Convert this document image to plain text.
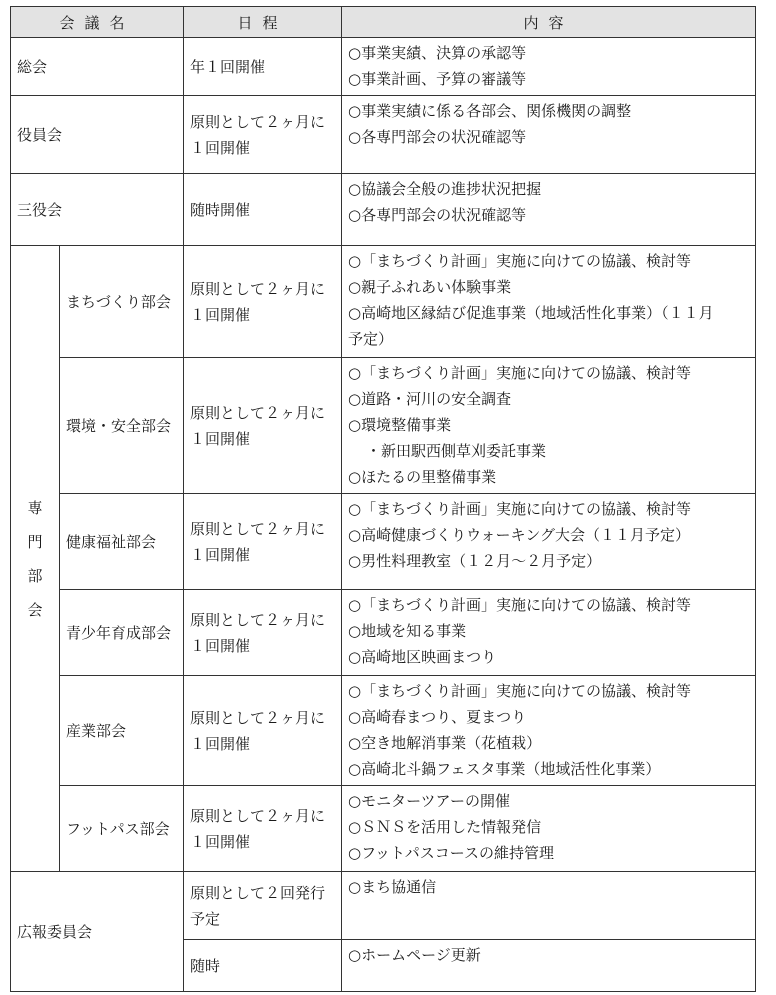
会議名		日程	内容
総会		年１回開催	○事業実績、決算の承認等
○事業計画、予算の審議等

役員会		原則として２ヶ月に１回開催	○事業実績に係る各部会、関係機関の調整
○各専門部会の状況確認等

三役会		随時開催	○協議会全般の進捗状況把握
○各専門部会の状況確認等

専門部会	まちづくり部会	原則として２ヶ月に１回開催	○「まちづくり計画」実施に向けての協議、検討等
○親子ふれあい体験事業
○高崎地区縁結び促進事業（地域活性化事業）（１１月
予定）

	環境・安全部会	原則として２ヶ月に１回開催	○「まちづくり計画」実施に向けての協議、検討等
○道路・河川の安全調査
○環境整備事業
・新田駅西側草刈委託事業
○ほたるの里整備事業

	健康福祉部会	原則として２ヶ月に１回開催	○「まちづくり計画」実施に向けての協議、検討等
○高崎健康づくりウォーキング大会（１１月予定）
○男性料理教室（１２月～２月予定）

	青少年育成部会	原則として２ヶ月に１回開催	○「まちづくり計画」実施に向けての協議、検討等
○地域を知る事業
○高崎地区映画まつり

	産業部会	原則として２ヶ月に１回開催	○「まちづくり計画」実施に向けての協議、検討等
○高崎春まつり、夏まつり
○空き地解消事業（花植栽）
○高崎北斗鍋フェスタ事業（地域活性化事業）

	フットパス部会	原則として２ヶ月に１回開催	○モニターツアーの開催
○ＳＮＳを活用した情報発信
○フットパスコースの維持管理

広報委員会		原則として２回発行予定	○まち協通信

		随時	○ホームページ更新
